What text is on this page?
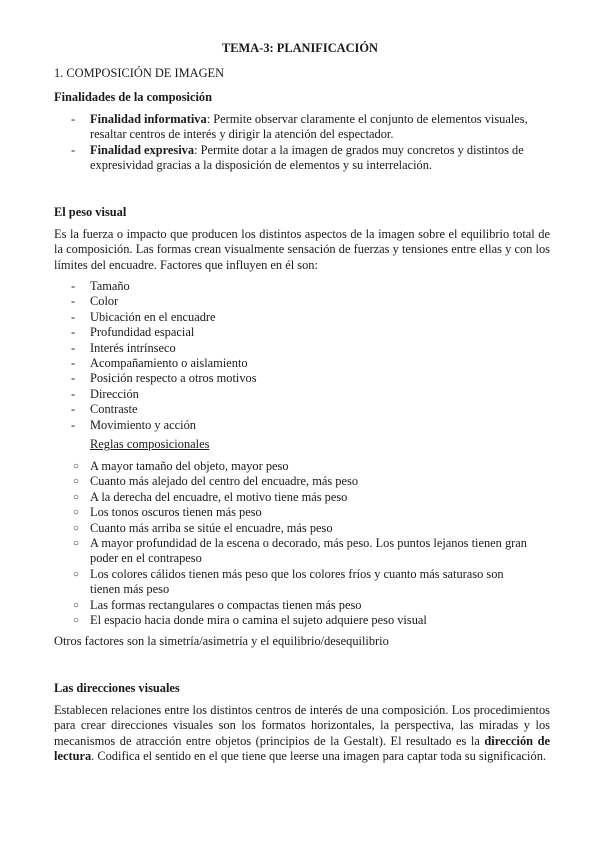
TEMA-3: PLANIFICACIÓN
1. COMPOSICIÓN DE IMAGEN
Finalidades de la composición
- Finalidad informativa: Permite observar claramente el conjunto de elementos visuales, resaltar centros de interés y dirigir la atención del espectador.
- Finalidad expresiva: Permite dotar a la imagen de grados muy concretos y distintos de expresividad gracias a la disposición de elementos y su interrelación.
El peso visual
Es la fuerza o impacto que producen los distintos aspectos de la imagen sobre el equilibrio total de la composición. Las formas crean visualmente sensación de fuerzas y tensiones entre ellas y con los límites del encuadre. Factores que influyen en él son:
- Tamaño
- Color
- Ubicación en el encuadre
- Profundidad espacial
- Interés intrínseco
- Acompañamiento o aislamiento
- Posición respecto a otros motivos
- Dirección
- Contraste
- Movimiento y acción
Reglas composicionales
○ A mayor tamaño del objeto, mayor peso
○ Cuanto más alejado del centro del encuadre, más peso
○ A la derecha del encuadre, el motivo tiene más peso
○ Los tonos oscuros tienen más peso
○ Cuanto más arriba se sitúe el encuadre, más peso
○ A mayor profundidad de la escena o decorado, más peso. Los puntos lejanos tienen gran poder en el contrapeso
○ Los colores cálidos tienen más peso que los colores fríos y cuanto más saturaso son tienen más peso
○ Las formas rectangulares o compactas tienen más peso
○ El espacio hacia donde mira o camina el sujeto adquiere peso visual
Otros factores son la simetría/asimetría y el equilibrio/desequilibrio
Las direcciones visuales
Establecen relaciones entre los distintos centros de interés de una composición. Los procedimientos para crear direcciones visuales son los formatos horizontales, la perspectiva, las miradas y los mecanismos de atracción entre objetos (principios de la Gestalt). El resultado es la dirección de lectura. Codifica el sentido en el que tiene que leerse una imagen para captar toda su significación.
